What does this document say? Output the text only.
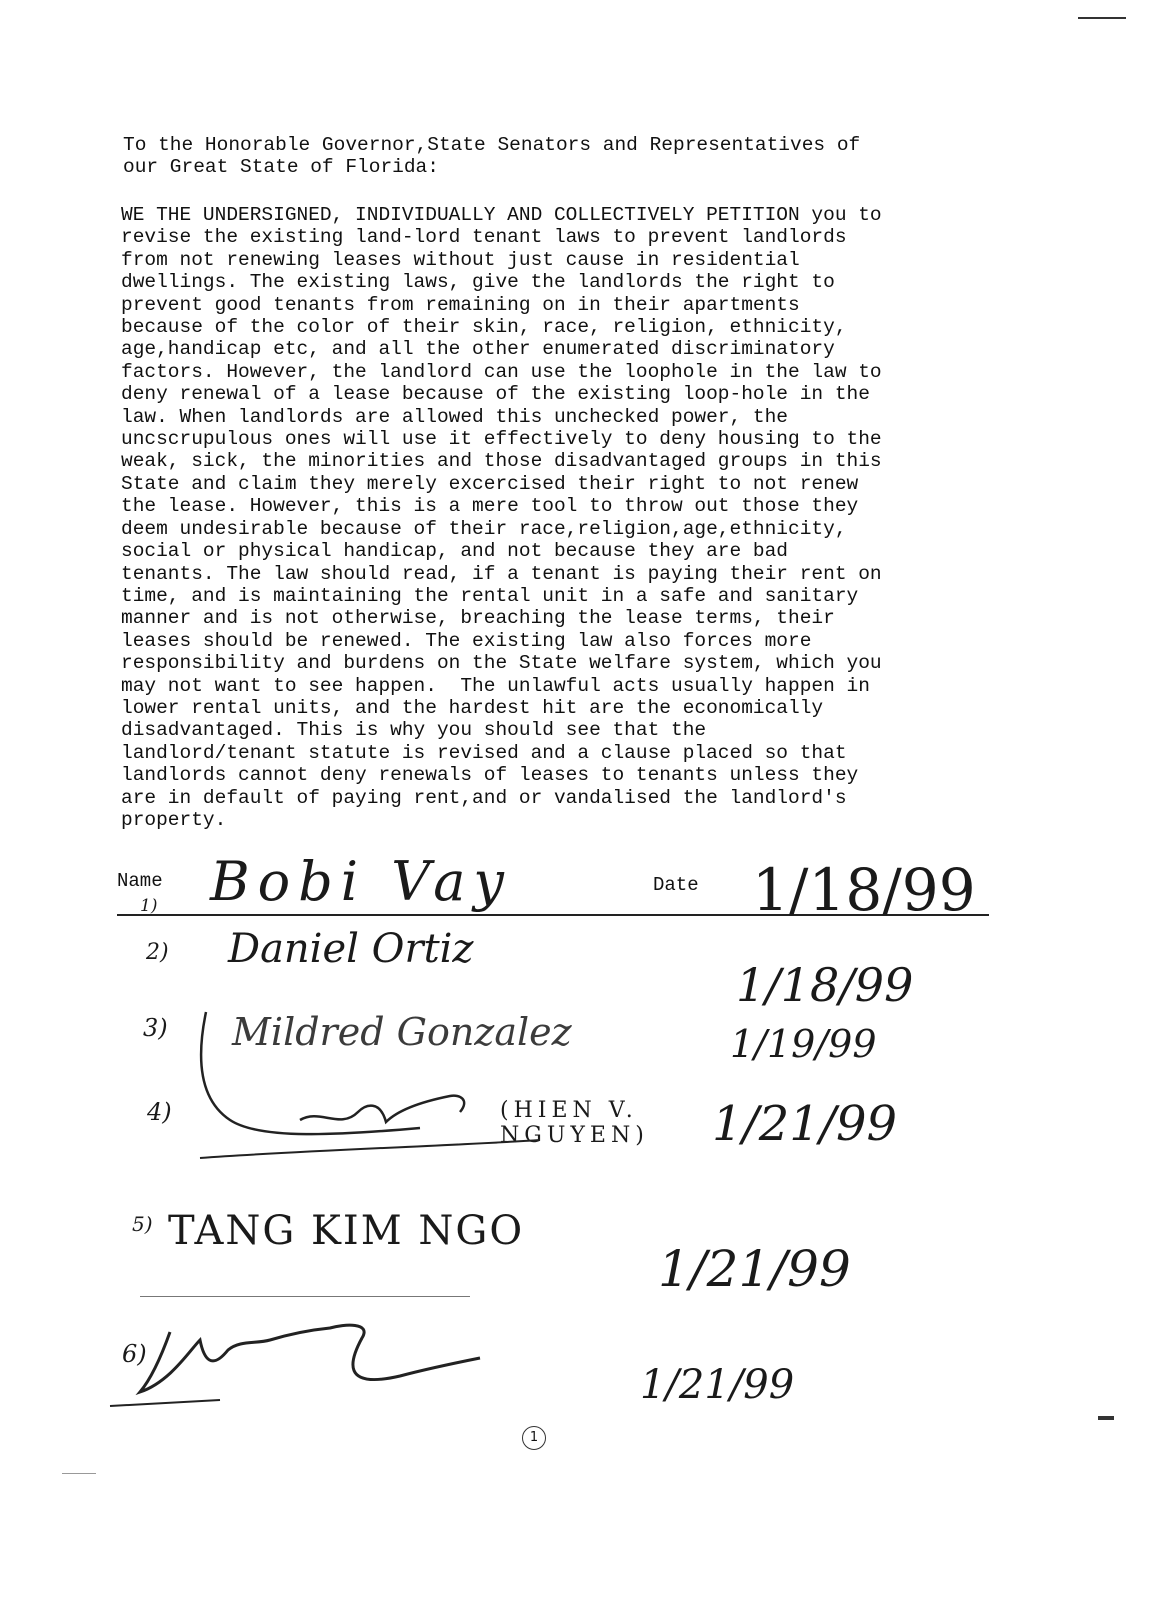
To the Honorable Governor,State Senators and Representatives of
our Great State of Florida:
WE THE UNDERSIGNED, INDIVIDUALLY AND COLLECTIVELY PETITION you to
revise the existing land-lord tenant laws to prevent landlords
from not renewing leases without just cause in residential
dwellings. The existing laws, give the landlords the right to
prevent good tenants from remaining on in their apartments
because of the color of their skin, race, religion, ethnicity,
age,handicap etc, and all the other enumerated discriminatory
factors. However, the landlord can use the loophole in the law to
deny renewal of a lease because of the existing loop-hole in the
law. When landlords are allowed this unchecked power, the
uncscrupulous ones will use it effectively to deny housing to the
weak, sick, the minorities and those disadvantaged groups in this
State and claim they merely excercised their right to not renew
the lease. However, this is a mere tool to throw out those they
deem undesirable because of their race,religion,age,ethnicity,
social or physical handicap, and not because they are bad
tenants. The law should read, if a tenant is paying their rent on
time, and is maintaining the rental unit in a safe and sanitary
manner and is not otherwise, breaching the lease terms, their
leases should be renewed. The existing law also forces more
responsibility and burdens on the State welfare system, which you
may not want to see happen.  The unlawful acts usually happen in
lower rental units, and the hardest hit are the economically
disadvantaged. This is why you should see that the
landlord/tenant statute is revised and a clause placed so that
landlords cannot deny renewals of leases to tenants unless they
are in default of paying rent,and or vandalised the landlord's
property.
Name	Date
1)
2)
3)
4)
5)
6)
Bobi Vay
Daniel Ortiz
Mildred Gonzalez
(HIEN V. NGUYEN)
TANG KIM NGO
1/18/99
1/18/99
1/19/99
1/21/99
1/21/99
1/21/99
1
